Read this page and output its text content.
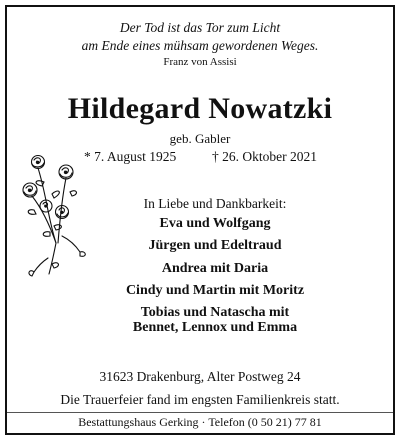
Der Tod ist das Tor zum Licht
am Ende eines mühsam gewordenen Weges.
Franz von Assisi
Hildegard Nowatzki
geb. Gabler
* 7. August 1925	† 26. Oktober 2021
In Liebe und Dankbarkeit:
Eva und Wolfgang
Jürgen und Edeltraud
Andrea mit Daria
Cindy und Martin mit Moritz
Tobias und Natascha mit
Bennet, Lennox und Emma
31623 Drakenburg, Alter Postweg 24
Die Trauerfeier fand im engsten Familienkreis statt.
Bestattungshaus Gerking · Telefon (0 50 21) 77 81
